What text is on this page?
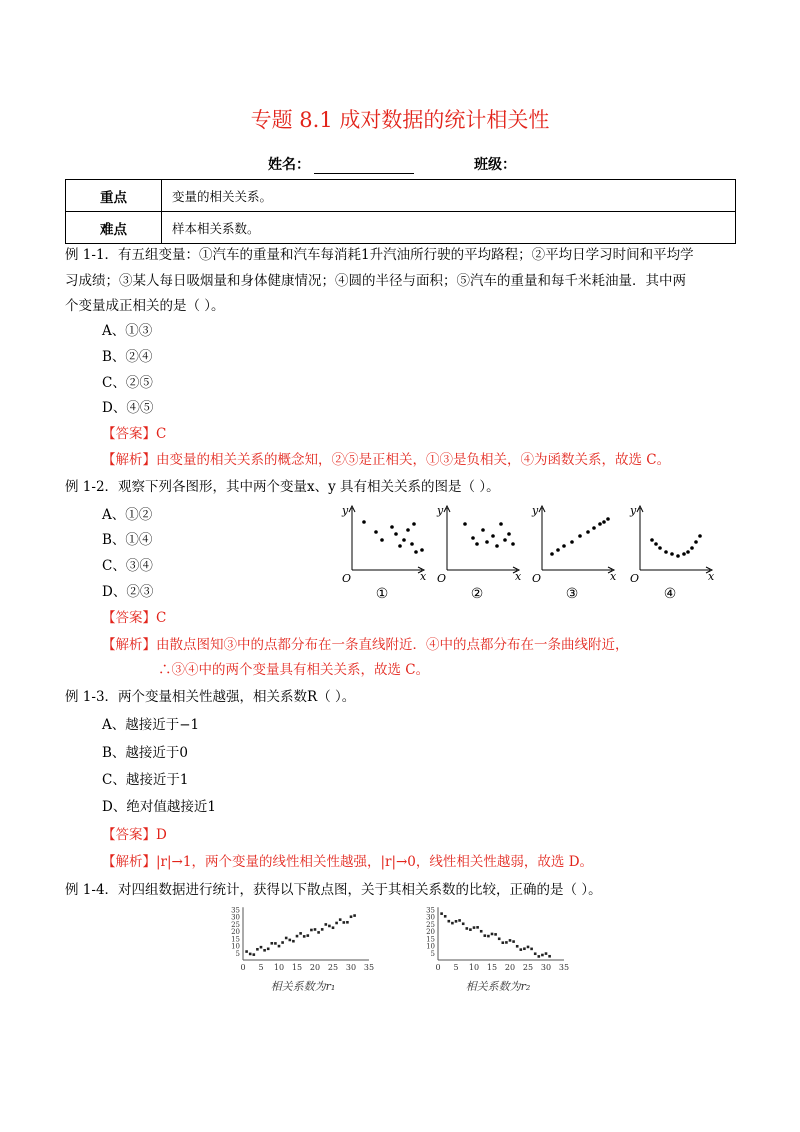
专题 8.1 成对数据的统计相关性
姓名：	班级：
重点	变量的相关关系。
难点	样本相关系数。
例 1-1．有五组变量：①汽车的重量和汽车每消耗1升汽油所行驶的平均路程；②平均日学习时间和平均学
习成绩；③某人每日吸烟量和身体健康情况；④圆的半径与面积；⑤汽车的重量和每千米耗油量．其中两
个变量成正相关的是（ ）。
A、①③
B、②④
C、②⑤
D、④⑤
【答案】C
【解析】由变量的相关关系的概念知，②⑤是正相关，①③是负相关，④为函数关系，故选 C。
例 1-2．观察下列各图形，其中两个变量x、y 具有相关关系的图是（ ）。
A、①②
B、①④
C、③④
D、②③
y
x
O
①
y
x
O
②
y
x
O
③
y
x
O
④
【答案】C
【解析】由散点图知③中的点都分布在一条直线附近．④中的点都分布在一条曲线附近，
∴③④中的两个变量具有相关关系，故选 C。
例 1-3．两个变量相关性越强，相关系数R（ ）。
A、越接近于−1
B、越接近于0
C、越接近于1
D、绝对值越接近1
【答案】D
【解析】|r|→1，两个变量的线性相关性越强，|r|→0，线性相关性越弱，故选 D。
例 1-4．对四组数据进行统计，获得以下散点图，关于其相关系数的比较，正确的是（ ）。
35
30
25
20
15
10
5
0 5 10 15 20 25 30 35
相关系数为r₁
35
30
25
20
15
10
5
0 5 10 15 20 25 30 35
相关系数为r₂
